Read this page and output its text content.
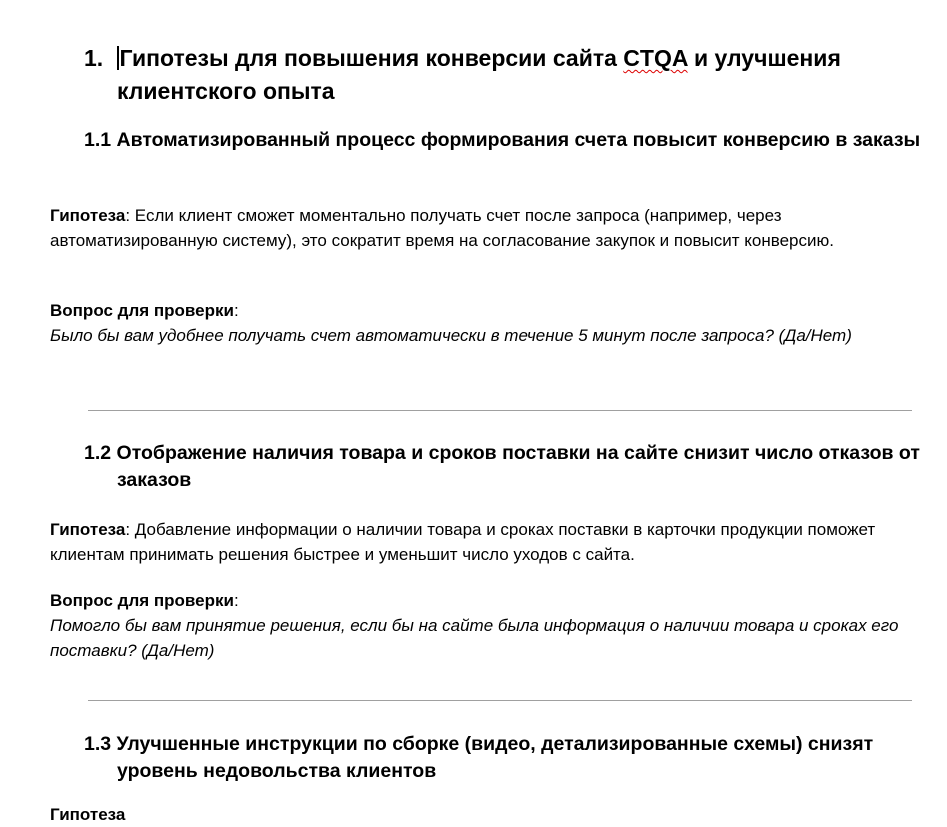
1. Гипотезы для повышения конверсии сайта CTQA и улучшения клиентского опыта
1.1 Автоматизированный процесс формирования счета повысит конверсию в заказы
Гипотеза: Если клиент сможет моментально получать счет после запроса (например, через автоматизированную систему), это сократит время на согласование закупок и повысит конверсию.
Вопрос для проверки:
Было бы вам удобнее получать счет автоматически в течение 5 минут после запроса? (Да/Нет)
1.2 Отображение наличия товара и сроков поставки на сайте снизит число отказов от заказов
Гипотеза: Добавление информации о наличии товара и сроках поставки в карточки продукции поможет клиентам принимать решения быстрее и уменьшит число уходов с сайта.
Вопрос для проверки:
Помогло бы вам принятие решения, если бы на сайте была информация о наличии товара и сроках его поставки? (Да/Нет)
1.3 Улучшенные инструкции по сборке (видео, детализированные схемы) снизят уровень недовольства клиентов
Гипотеза
